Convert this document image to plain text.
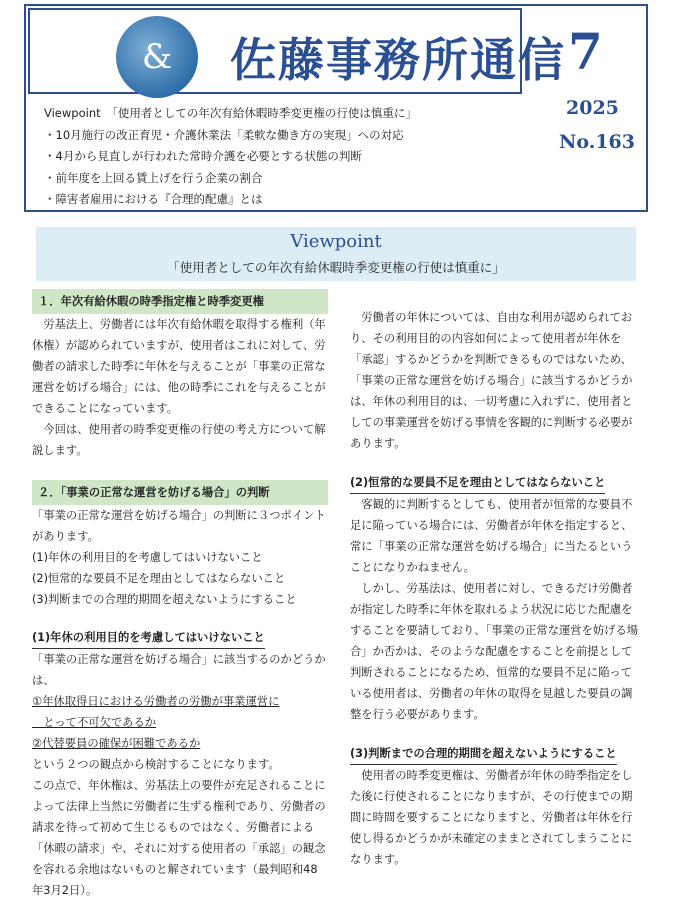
&	佐藤事務所通信 7
2025
No.163
Viewpoint　「使用者としての年次有給休暇時季変更権の行使は慎重に」
・10月施行の改正育児・介護休業法「柔軟な働き方の実現」への対応
・4月から見直しが行われた常時介護を必要とする状態の判断
・前年度を上回る賃上げを行う企業の割合
・障害者雇用における『合理的配慮』とは
Viewpoint
「使用者としての年次有給休暇時季変更権の行使は慎重に」

１．年次有給休暇の時季指定権と時季変更権

　労基法上、労働者には年次有給休暇を取得する権利（年休権）が認められていますが、使用者はこれに対して、労働者の請求した時季に年休を与えることが「事業の正常な運営を妨げる場合」には、他の時季にこれを与えることができることになっています。

　今回は、使用者の時季変更権の行使の考え方について解説します。

２．「事業の正常な運営を妨げる場合」の判断

「事業の正常な運営を妨げる場合」の判断に３つポイントがあります。

(1)年休の利用目的を考慮してはいけないこと

(2)恒常的な要員不足を理由としてはならないこと

(3)判断までの合理的期間を超えないようにすること

(1)年休の利用目的を考慮してはいけないこと

「事業の正常な運営を妨げる場合」に該当するのかどうかは、

①年休取得日における労働者の労働が事業運営に

　とって不可欠であるか

②代替要員の確保が困難であるか

という２つの観点から検討することになります。

この点で、年休権は、労基法上の要件が充足されることによって法律上当然に労働者に生ずる権利であり、労働者の請求を待って初めて生じるものではなく、労働者による「休暇の請求」や、それに対する使用者の「承認」の観念を容れる余地はないものと解されています（最判昭和48年3月2日）。

　労働者の年休については、自由な利用が認められており、その利用目的の内容如何によって使用者が年休を「承認」するかどうかを判断できるものではないため、「事業の正常な運営を妨げる場合」に該当するかどうかは、年休の利用目的は、一切考慮に入れずに、使用者としての事業運営を妨げる事情を客観的に判断する必要があります。

(2)恒常的な要員不足を理由としてはならないこと

　客観的に判断するとしても、使用者が恒常的な要員不足に陥っている場合には、労働者が年休を指定すると、常に「事業の正常な運営を妨げる場合」に当たるということになりかねません。

　しかし、労基法は、使用者に対し、できるだけ労働者が指定した時季に年休を取れるよう状況に応じた配慮をすることを要請しており、「事業の正常な運営を妨げる場合」か否かは、そのような配慮をすることを前提として判断されることになるため、恒常的な要員不足に陥っている使用者は、労働者の年休の取得を見越した要員の調整を行う必要があります。

(3)判断までの合理的期間を超えないようにすること

　使用者の時季変更権は、労働者が年休の時季指定をした後に行使されることになりますが、その行使までの期間に時間を要することになりますと、労働者は年休を行使し得るかどうかが未確定のままとされてしまうことになります。
